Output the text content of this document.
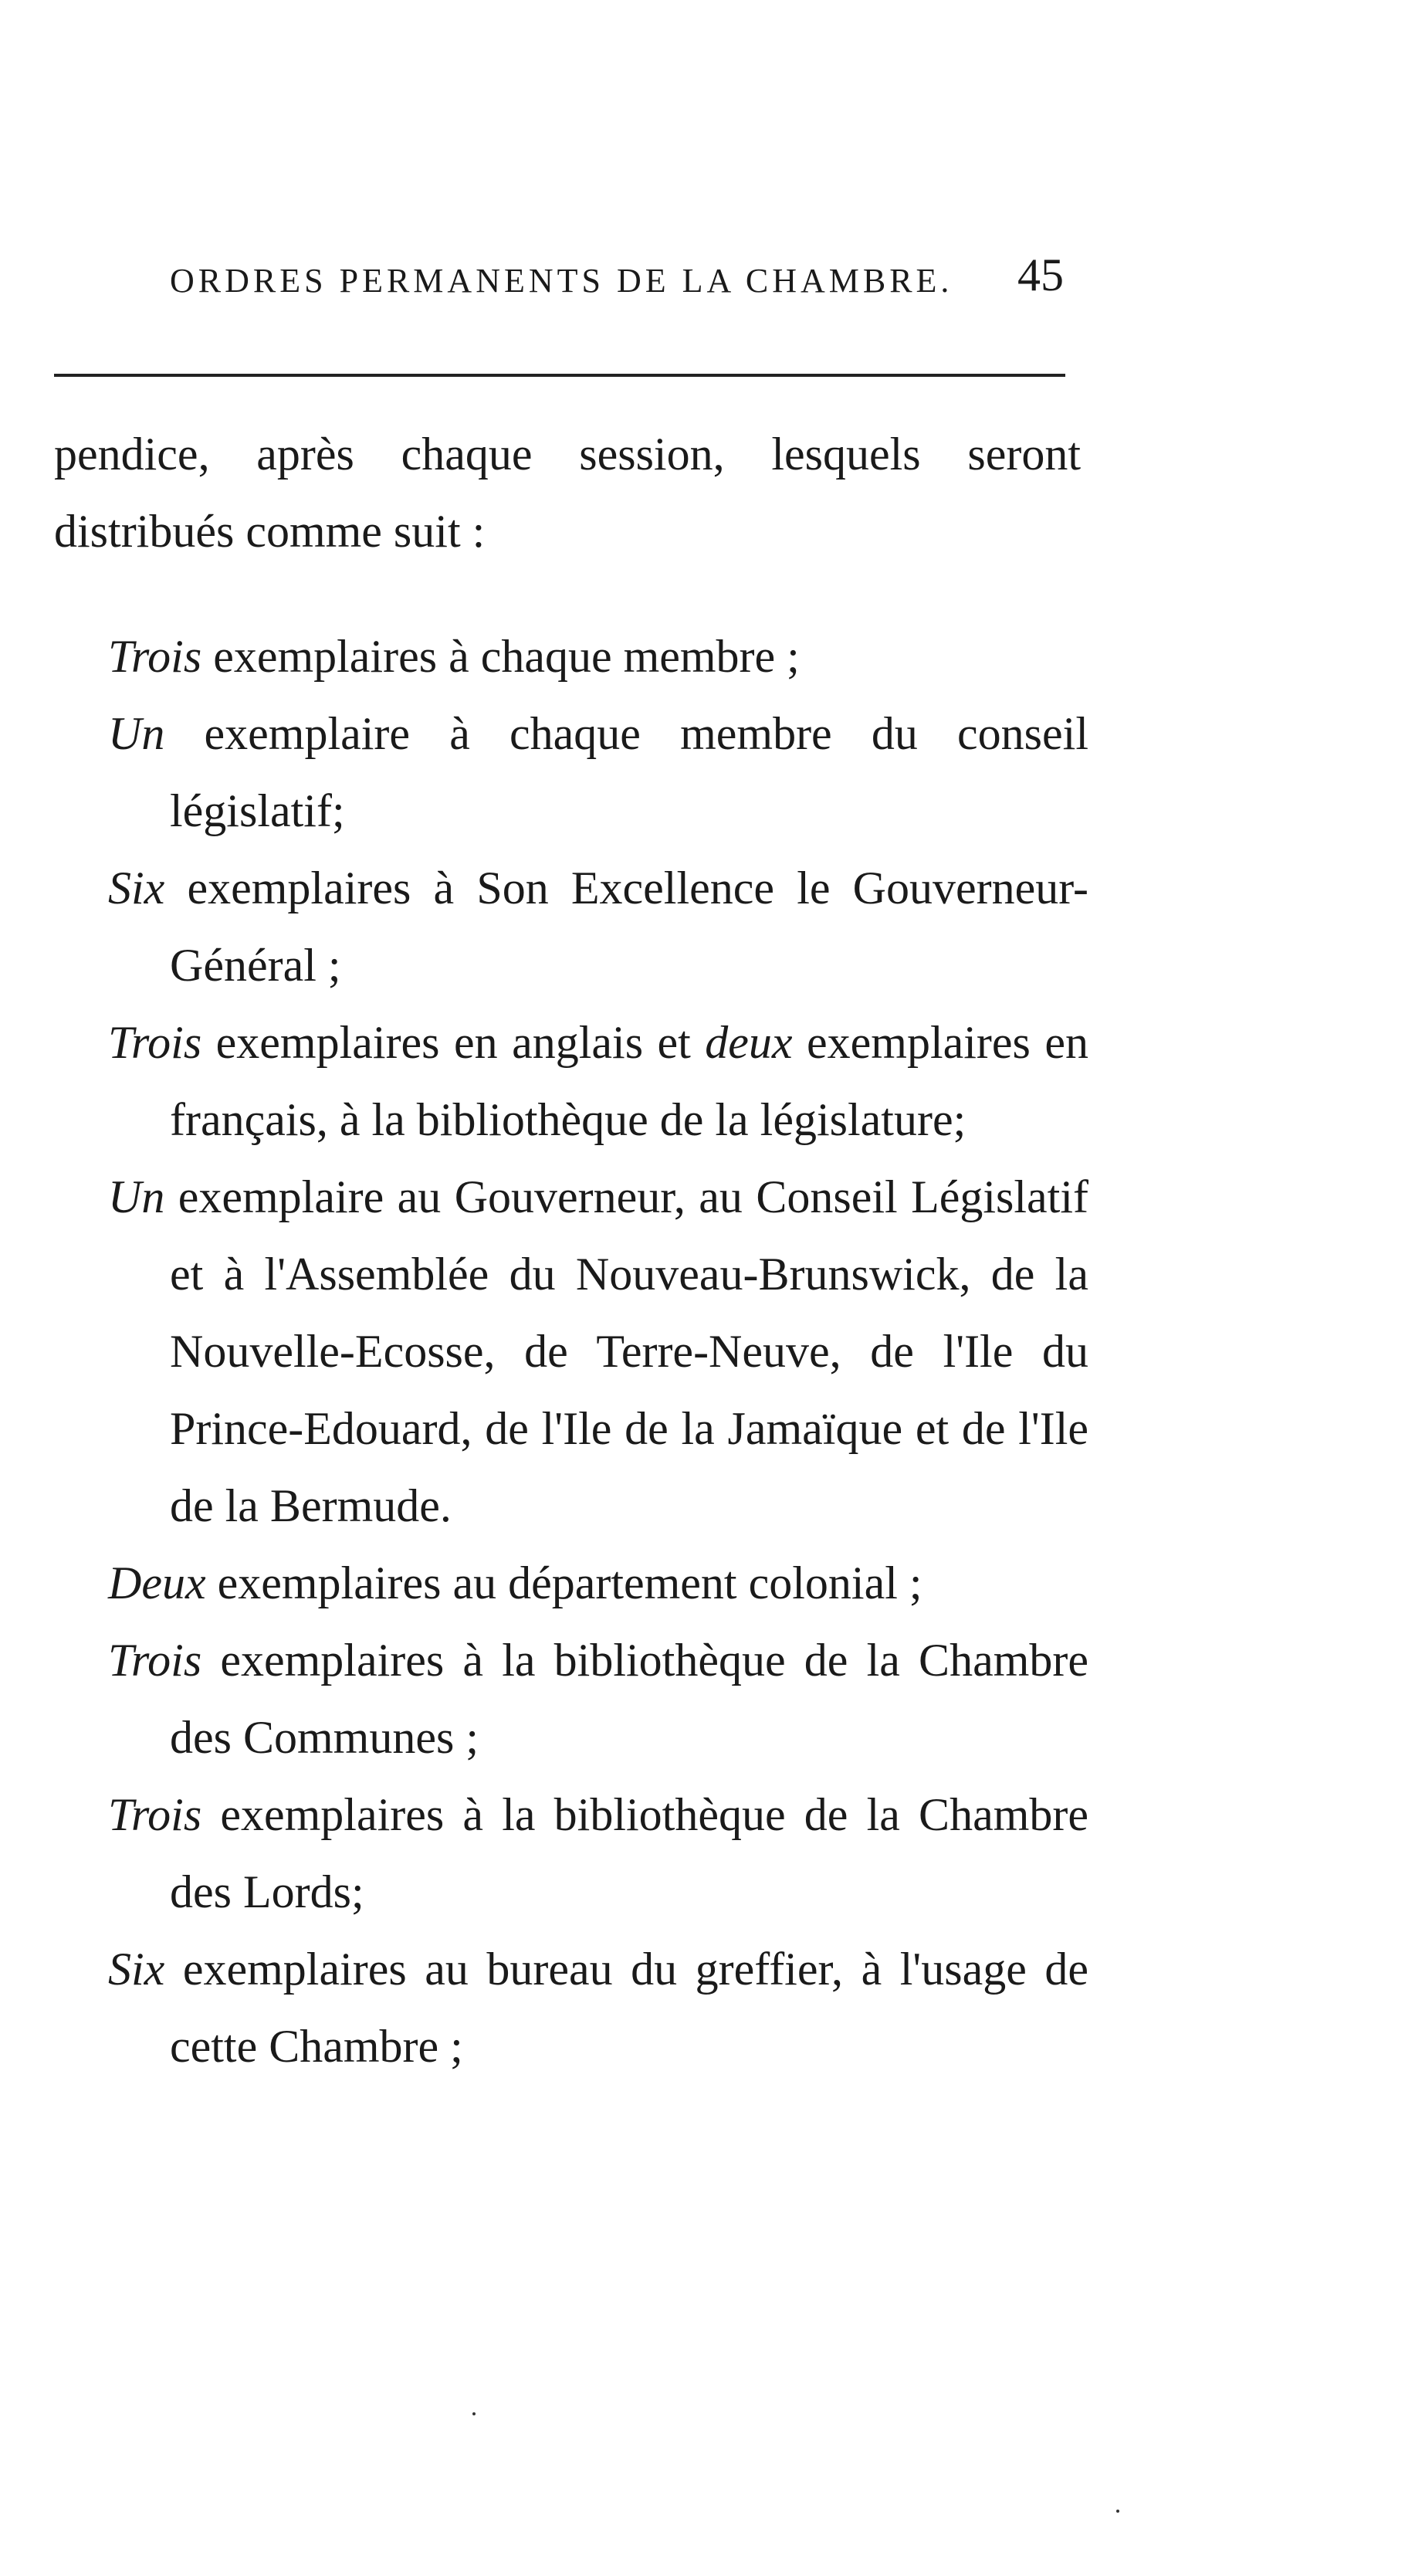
ORDRES PERMANENTS DE LA CHAMBRE. 45

pendice, après chaque session, lesquels seront distribués comme suit :

Trois exemplaires à chaque membre ;
Un exemplaire à chaque membre du conseil législatif;
Six exemplaires à Son Excellence le Gouverneur-Général ;
Trois exemplaires en anglais et deux exemplaires en français, à la bibliothèque de la législature;
Un exemplaire au Gouverneur, au Conseil Législatif et à l'Assemblée du Nouveau-Brunswick, de la Nouvelle-Ecosse, de Terre-Neuve, de l'Ile du Prince-Edouard, de l'Ile de la Jamaïque et de l'Ile de la Bermude.
Deux exemplaires au département colonial ;
Trois exemplaires à la bibliothèque de la Chambre des Communes ;
Trois exemplaires à la bibliothèque de la Chambre des Lords;
Six exemplaires au bureau du greffier, à l'usage de cette Chambre ;
